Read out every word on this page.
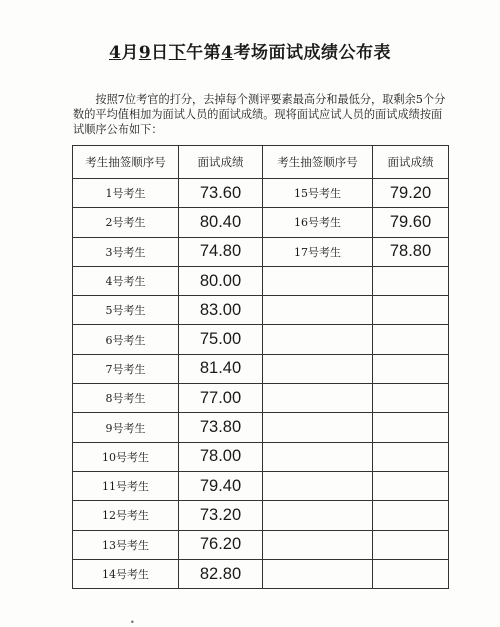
4月9日下午第4考场面试成绩公布表
按照7位考官的打分，去掉每个测评要素最高分和最低分，取剩余5个分数的平均值相加为面试人员的面试成绩。现将面试应试人员的面试成绩按面试顺序公布如下：
考生抽签顺序号	面试成绩	考生抽签顺序号	面试成绩
1号考生	73.60	15号考生	79.20
2号考生	80.40	16号考生	79.60
3号考生	74.80	17号考生	78.80
4号考生	80.00		
5号考生	83.00		
6号考生	75.00		
7号考生	81.40		
8号考生	77.00		
9号考生	73.80		
10号考生	78.00		
11号考生	79.40		
12号考生	73.20		
13号考生	76.20		
14号考生	82.80		
•
